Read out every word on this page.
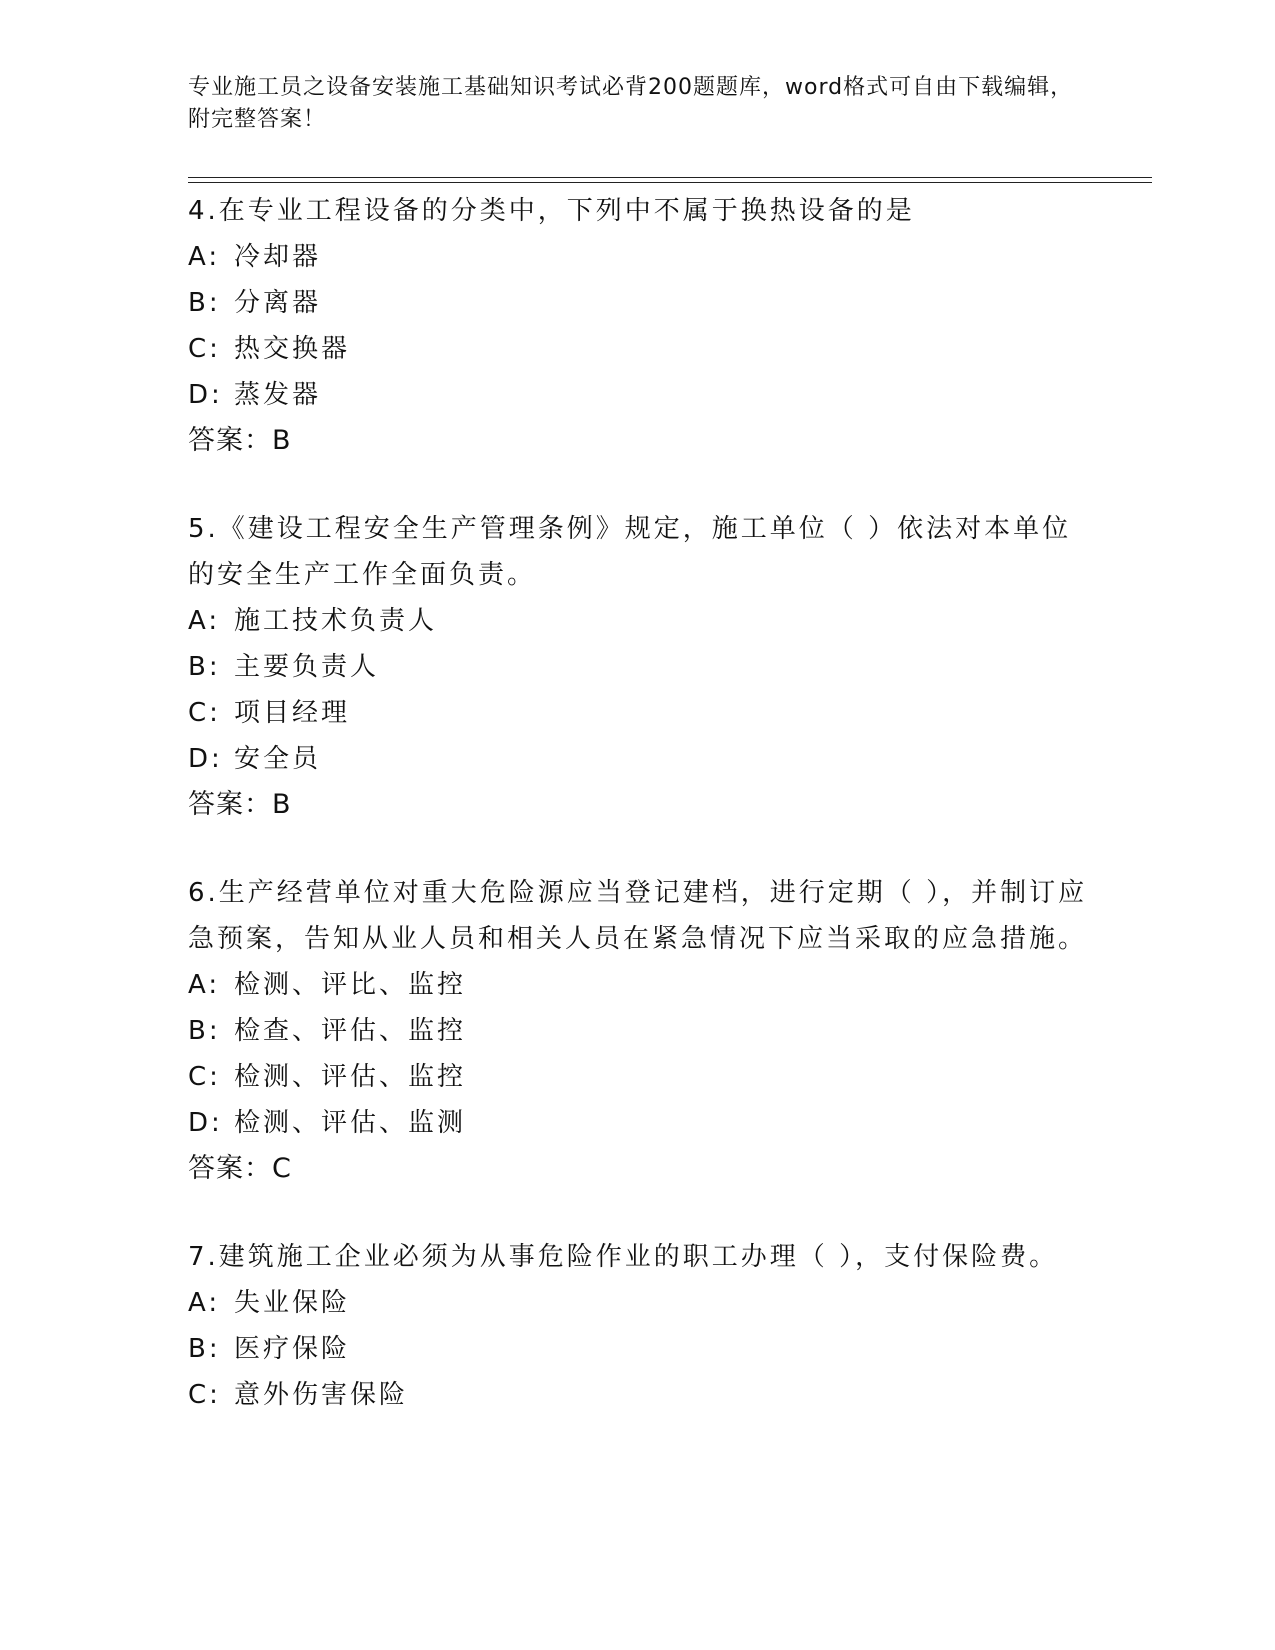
专业施工员之设备安装施工基础知识考试必背200题题库，word格式可自由下载编辑，附完整答案！

4.在专业工程设备的分类中，下列中不属于换热设备的是

A: 冷却器

B: 分离器

C: 热交换器

D: 蒸发器

答案：B

5.《建设工程安全生产管理条例》规定，施工单位（ ）依法对本单位的安全生产工作全面负责。

A: 施工技术负责人

B: 主要负责人

C: 项目经理

D: 安全员

答案：B

6.生产经营单位对重大危险源应当登记建档，进行定期（ ），并制订应急预案，告知从业人员和相关人员在紧急情况下应当采取的应急措施。

A: 检测、评比、监控

B: 检查、评估、监控

C: 检测、评估、监控

D: 检测、评估、监测

答案：C

7.建筑施工企业必须为从事危险作业的职工办理（ ），支付保险费。

A: 失业保险

B: 医疗保险

C: 意外伤害保险
